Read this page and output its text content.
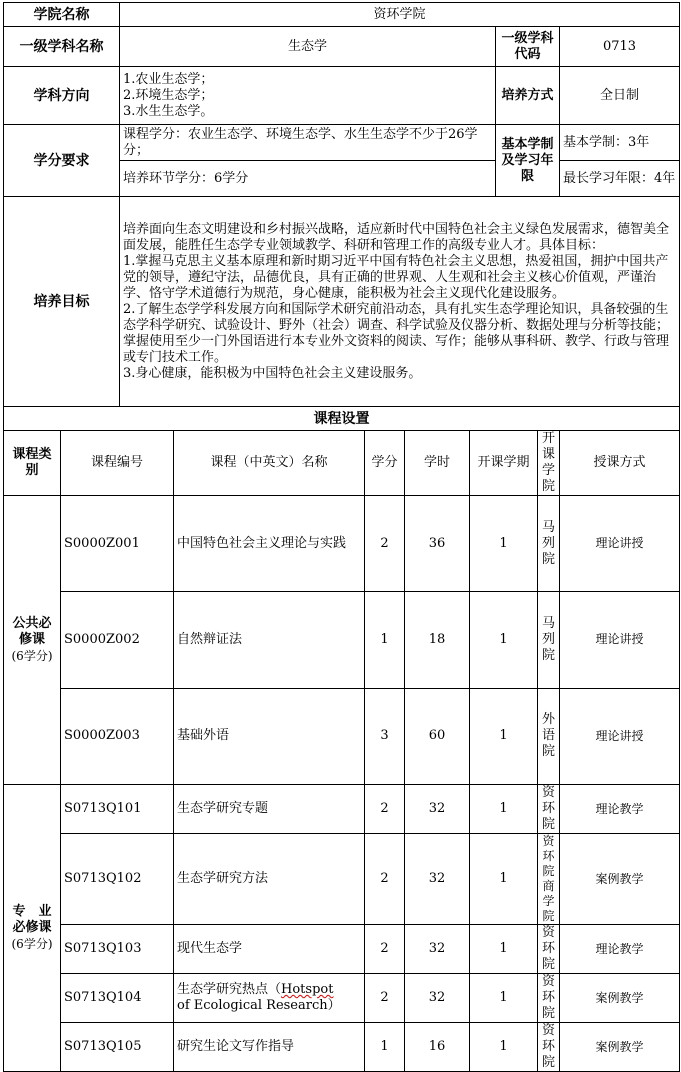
学院名称		资环学院								
一级学科名称		生态学					一级学科代码		0713	
学科方向		1.农业生态学；
2.环境生态学；
3.水生生态学。					培养方式		全日制	
学分要求		课程学分：农业生态学、环境生态学、水生生态学不少于26学分；					基本学制及学习年限		基本学制：3年	
		培养环节学分：6学分							最长学习年限：4年	
培养目标		培养面向生态文明建设和乡村振兴战略，适应新时代中国特色社会主义绿色发展需求，德智美全面发展，能胜任生态学专业领域教学、科研和管理工作的高级专业人才。具体目标：

1.掌握马克思主义基本原理和新时期习近平中国有特色社会主义思想，热爱祖国，拥护中国共产党的领导，遵纪守法，品德优良，具有正确的世界观、人生观和社会主义核心价值观，严谨治学、恪守学术道德行为规范，身心健康，能积极为社会主义现代化建设服务。

2.了解生态学学科发展方向和国际学术研究前沿动态，具有扎实生态学理论知识，具备较强的生态学科学研究、试验设计、野外（社会）调查、科学试验及仪器分析、数据处理与分析等技能；掌握使用至少一门外国语进行本专业外文资料的阅读、写作；能够从事科研、教学、行政与管理或专门技术工作。

3.身心健康，能积极为中国特色社会主义建设服务。								

课程设置										
课程类别	课程编号		课程（中英文）名称	学分	学时	开课学期		开课学院	授课方式	

公共必修课
(6学分)	S0000Z001		中国特色社会主义理论与实践	2	36	1		马列院	理论讲授	
	S0000Z002		自然辩证法	1	18	1		马列院	理论讲授	
	S0000Z003		基础外语	3	60	1		外语院	理论讲授	

专　业
必修课
(6学分)	S0713Q101		生态学研究专题	2	32	1		资环院	理论教学	
	S0713Q102		生态学研究方法	2	32	1		资环院商学院	案例教学	
	S0713Q103		现代生态学	2	32	1		资环院	理论教学	
	S0713Q104		生态学研究热点（Hotspot
of Ecological Research）	2	32	1		资环院	案例教学	
	S0713Q105		研究生论文写作指导	1	16	1		资环院	案例教学	
